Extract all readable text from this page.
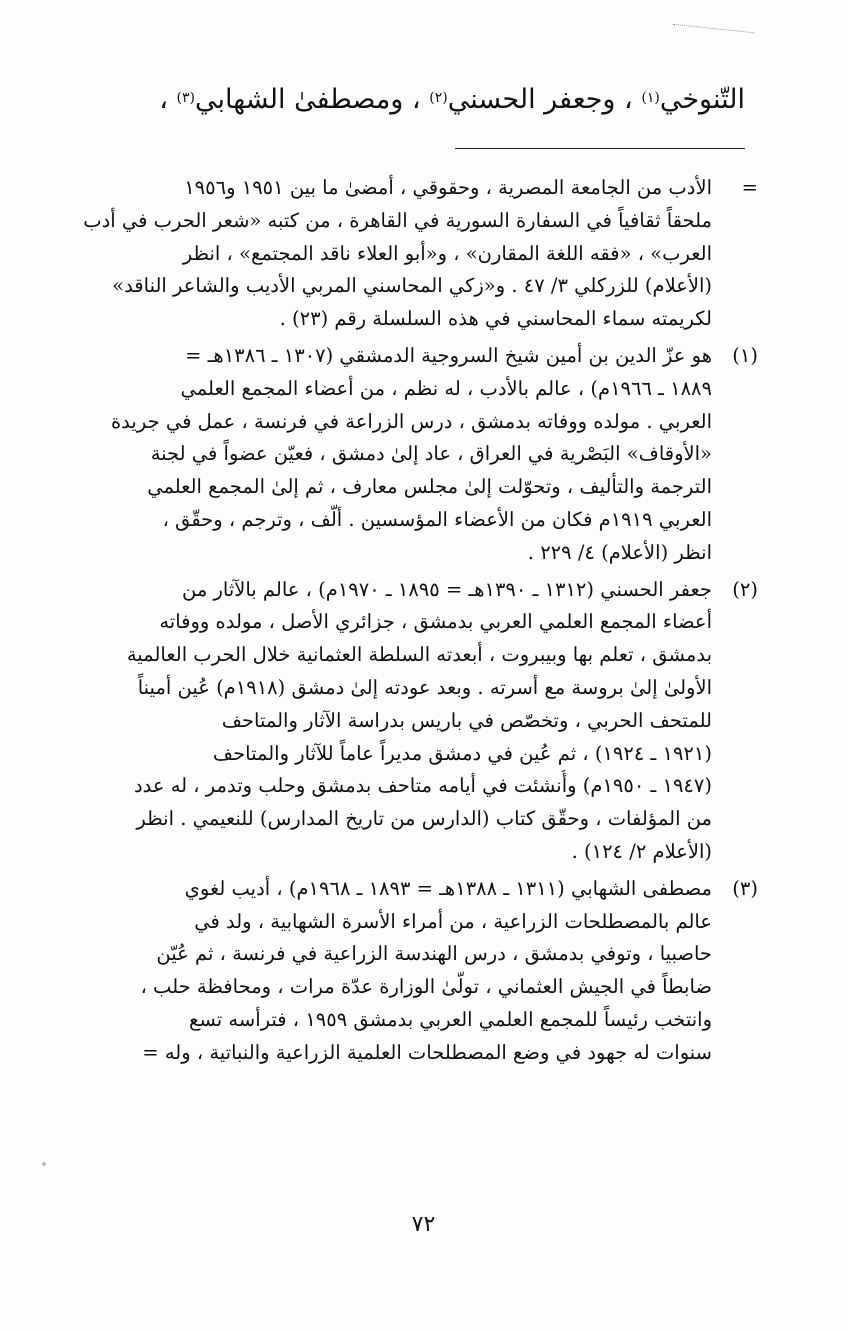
التّنوخي$^{(١)}$ ، وجعفر الحسني$^{(٢)}$ ، ومصطفىٰ الشهابي$^{(٣)}$ ،
=
الأدب من الجامعة المصرية ، وحقوقي ، أمضىٰ ما بين ١٩٥١ و١٩٥٦
ملحقاً ثقافياً في السفارة السورية في القاهرة ، من كتبه «شعر الحرب في أدب
العرب» ، «فقه اللغة المقارن» ، و«أبو العلاء ناقد المجتمع» ، انظر
(الأعلام) للزركلي ٣/ ٤٧ . و«زكي المحاسني المربي الأديب والشاعر الناقد»
لكريمته سماء المحاسني في هذه السلسلة رقم (٢٣) .
(١)
هو عزّ الدين بن أمين شيخ السروجية الدمشقي (١٣٠٧ ـ ١٣٨٦هـ =
١٨٨٩ ـ ١٩٦٦م) ، عالم بالأدب ، له نظم ، من أعضاء المجمع العلمي
العربي . مولده ووفاته بدمشق ، درس الزراعة في فرنسة ، عمل في جريدة
«الأوقاف» البَصْرية في العراق ، عاد إلىٰ دمشق ، فعيّن عضواً في لجنة
الترجمة والتأليف ، وتحوّلت إلىٰ مجلس معارف ، ثم إلىٰ المجمع العلمي
العربي ١٩١٩م فكان من الأعضاء المؤسسين . ألّف ، وترجم ، وحقّق ،
انظر (الأعلام) ٤/ ٢٢٩ .
(٢)
جعفر الحسني (١٣١٢ ـ ١٣٩٠هـ = ١٨٩٥ ـ ١٩٧٠م) ، عالم بالآثار من
أعضاء المجمع العلمي العربي بدمشق ، جزائري الأصل ، مولده ووفاته
بدمشق ، تعلم بها وبيبروت ، أبعدته السلطة العثمانية خلال الحرب العالمية
الأولىٰ إلىٰ بروسة مع أسرته . وبعد عودته إلىٰ دمشق (١٩١٨م) عُين أميناً
للمتحف الحربي ، وتخصّص في باريس بدراسة الآثار والمتاحف
(١٩٢١ ـ ١٩٢٤) ، ثم عُين في دمشق مديراً عاماً للآثار والمتاحف
(١٩٤٧ ـ ١٩٥٠م) وأُنشئت في أيامه متاحف بدمشق وحلب وتدمر ، له عدد
من المؤلفات ، وحقّق كتاب (الدارس من تاريخ المدارس) للنعيمي . انظر
(الأعلام ٢/ ١٢٤) .
(٣)
مصطفى الشهابي (١٣١١ ـ ١٣٨٨هـ = ١٨٩٣ ـ ١٩٦٨م) ، أديب لغوي
عالم بالمصطلحات الزراعية ، من أمراء الأسرة الشهابية ، ولد في
حاصبيا ، وتوفي بدمشق ، درس الهندسة الزراعية في فرنسة ، ثم عُيّن
ضابطاً في الجيش العثماني ، تولّىٰ الوزارة عدّة مرات ، ومحافظة حلب ،
وانتخب رئيساً للمجمع العلمي العربي بدمشق ١٩٥٩ ، فترأسه تسع
سنوات له جهود في وضع المصطلحات العلمية الزراعية والنباتية ، وله =
٧٢
